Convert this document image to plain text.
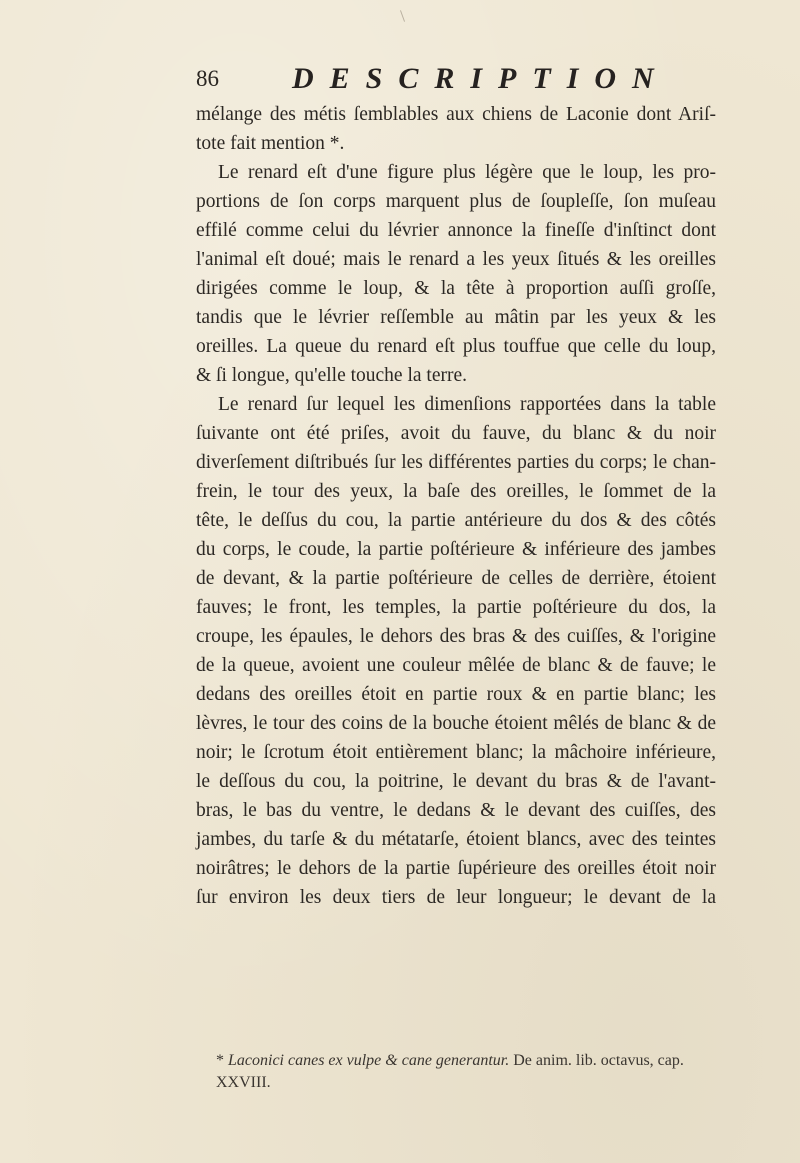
86 DESCRIPTION
mélange des métis ſemblables aux chiens de Laconie dont Ariſ-
tote fait mention *.
Le renard eſt d'une figure plus légère que le loup, les pro-
portions de ſon corps marquent plus de ſoupleſſe, ſon muſeau
effilé comme celui du lévrier annonce la fineſſe d'inſtinct dont
l'animal eſt doué; mais le renard a les yeux ſitués & les oreilles
dirigées comme le loup, & la tête à proportion auſſi groſſe,
tandis que le lévrier reſſemble au mâtin par les yeux & les
oreilles. La queue du renard eſt plus touffue que celle du loup,
& ſi longue, qu'elle touche la terre.
Le renard ſur lequel les dimenſions rapportées dans la table
ſuivante ont été priſes, avoit du fauve, du blanc & du noir
diverſement diſtribués ſur les différentes parties du corps; le chan-
frein, le tour des yeux, la baſe des oreilles, le ſommet de la
tête, le deſſus du cou, la partie antérieure du dos & des côtés
du corps, le coude, la partie poſtérieure & inférieure des jambes
de devant, & la partie poſtérieure de celles de derrière, étoient
fauves; le front, les temples, la partie poſtérieure du dos, la
croupe, les épaules, le dehors des bras & des cuiſſes, & l'origine
de la queue, avoient une couleur mêlée de blanc & de fauve; le
dedans des oreilles étoit en partie roux & en partie blanc; les
lèvres, le tour des coins de la bouche étoient mêlés de blanc & de
noir; le ſcrotum étoit entièrement blanc; la mâchoire inférieure,
le deſſous du cou, la poitrine, le devant du bras & de l'avant-
bras, le bas du ventre, le dedans & le devant des cuiſſes, des
jambes, du tarſe & du métatarſe, étoient blancs, avec des teintes
noirâtres; le dehors de la partie ſupérieure des oreilles étoit noir
ſur environ les deux tiers de leur longueur; le devant de la
* Laconici canes ex vulpe & cane generantur. De anim. lib. octavus, cap.
XXVIII.
